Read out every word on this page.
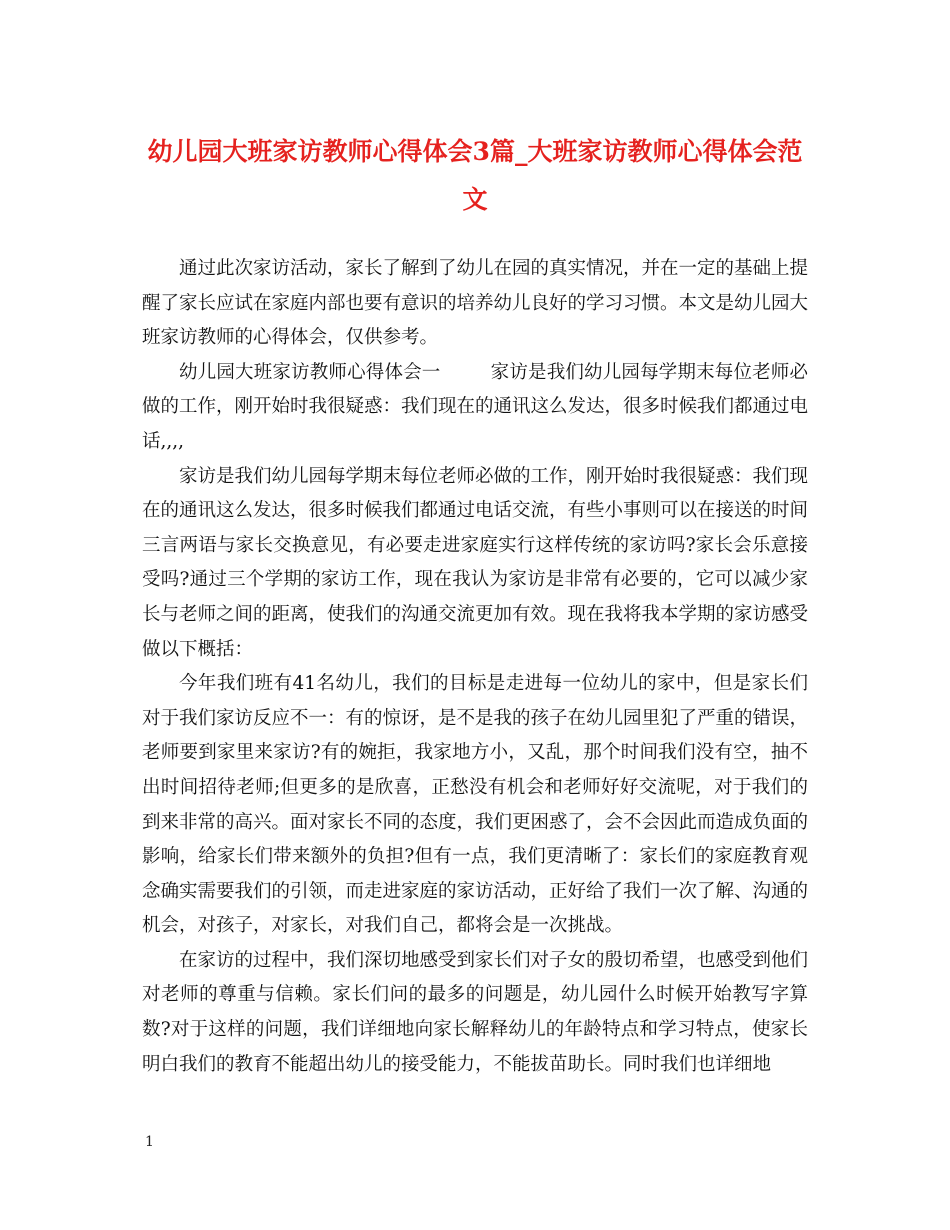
幼儿园大班家访教师心得体会3篇_大班家访教师心得体会范文

通过此次家访活动，家长了解到了幼儿在园的真实情况，并在一定的基础上提醒了家长应试在家庭内部也要有意识的培养幼儿良好的学习习惯。本文是幼儿园大班家访教师的心得体会，仅供参考。

幼儿园大班家访教师心得体会一	家访是我们幼儿园每学期末每位老师必做的工作，刚开始时我很疑惑：我们现在的通讯这么发达，很多时候我们都通过电话,,,,

家访是我们幼儿园每学期末每位老师必做的工作，刚开始时我很疑惑：我们现在的通讯这么发达，很多时候我们都通过电话交流，有些小事则可以在接送的时间三言两语与家长交换意见，有必要走进家庭实行这样传统的家访吗?家长会乐意接受吗?通过三个学期的家访工作，现在我认为家访是非常有必要的，它可以减少家长与老师之间的距离，使我们的沟通交流更加有效。现在我将我本学期的家访感受做以下概括：

今年我们班有41名幼儿，我们的目标是走进每一位幼儿的家中，但是家长们对于我们家访反应不一：有的惊讶，是不是我的孩子在幼儿园里犯了严重的错误，老师要到家里来家访?有的婉拒，我家地方小，又乱，那个时间我们没有空，抽不出时间招待老师;但更多的是欣喜，正愁没有机会和老师好好交流呢，对于我们的到来非常的高兴。面对家长不同的态度，我们更困惑了，会不会因此而造成负面的影响，给家长们带来额外的负担?但有一点，我们更清晰了：家长们的家庭教育观念确实需要我们的引领，而走进家庭的家访活动，正好给了我们一次了解、沟通的机会，对孩子，对家长，对我们自己，都将会是一次挑战。

在家访的过程中，我们深切地感受到家长们对子女的殷切希望，也感受到他们对老师的尊重与信赖。家长们问的最多的问题是，幼儿园什么时候开始教写字算数?对于这样的问题，我们详细地向家长解释幼儿的年龄特点和学习特点，使家长明白我们的教育不能超出幼儿的接受能力，不能拔苗助长。同时我们也详细地

1
